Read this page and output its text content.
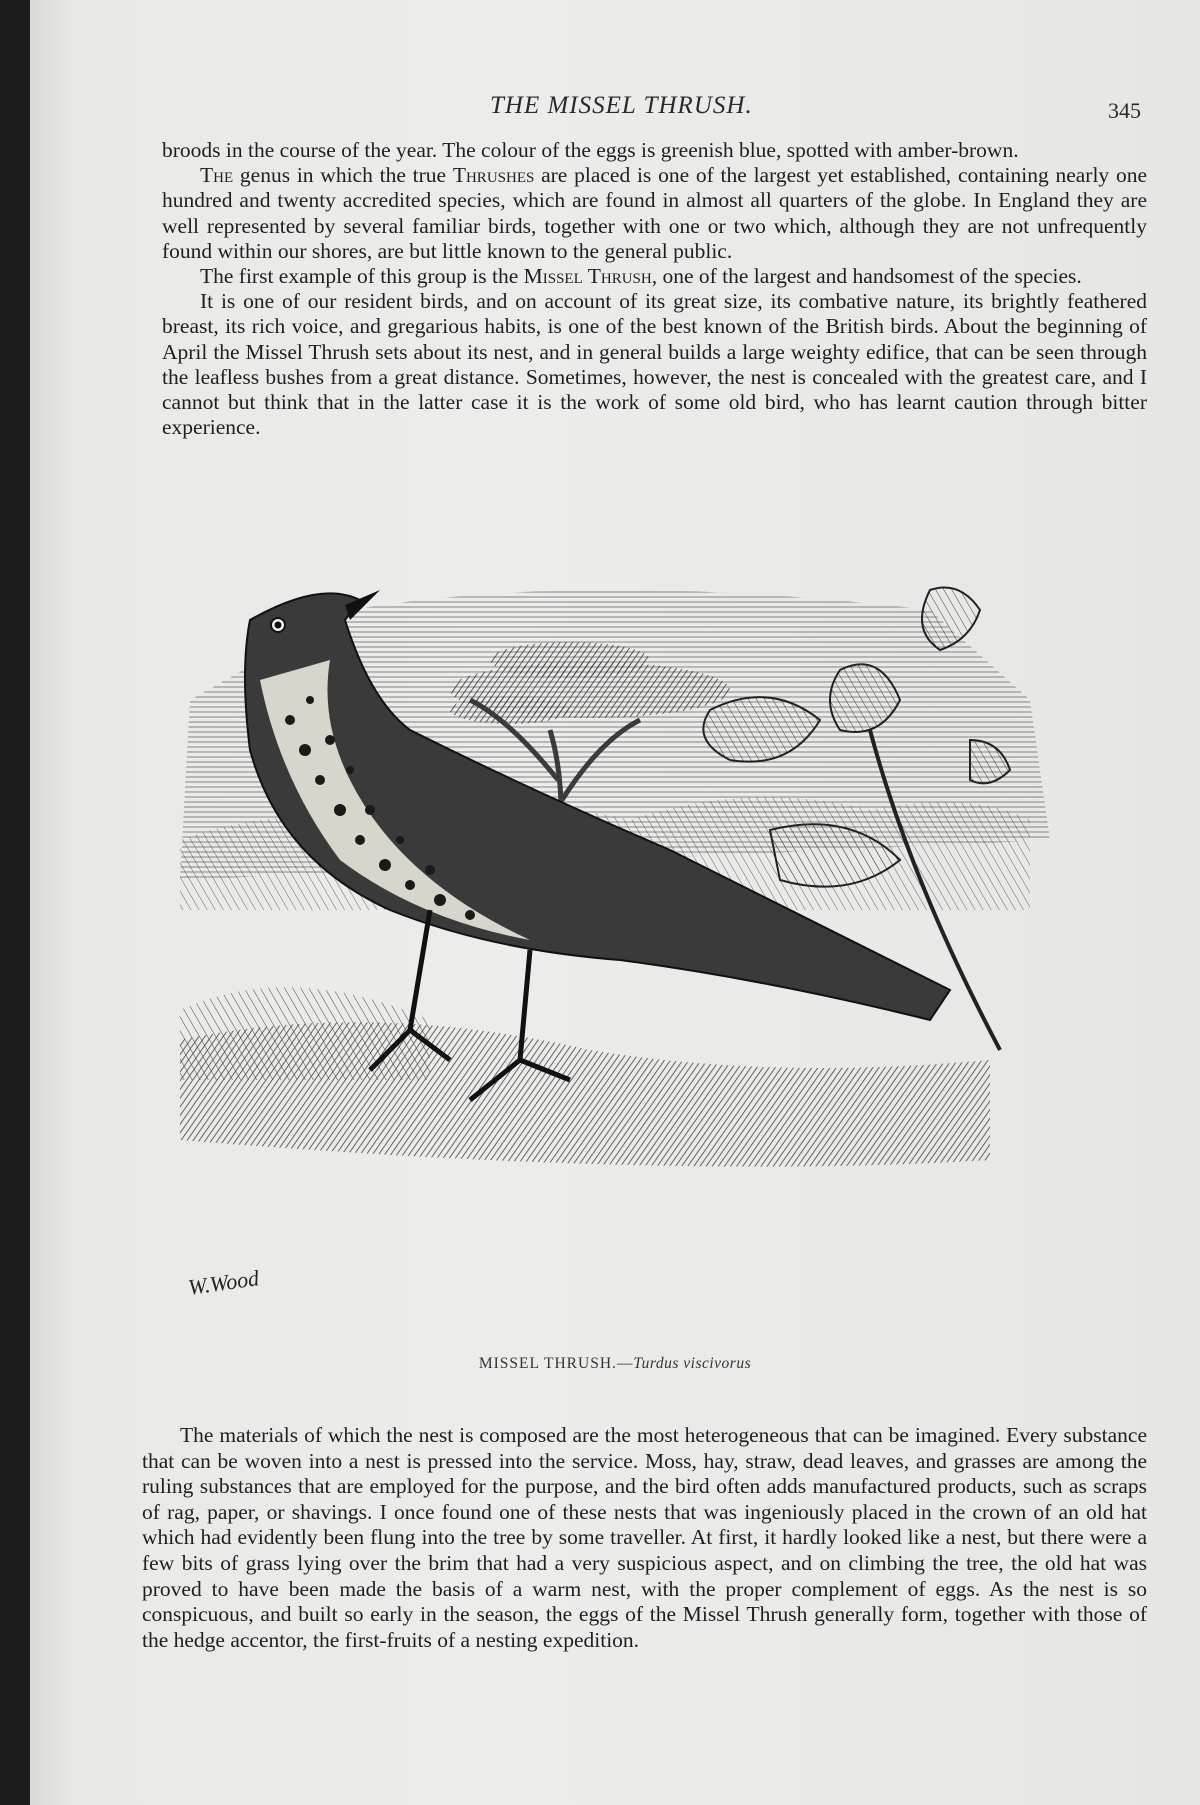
THE MISSEL THRUSH.	345

broods in the course of the year. The colour of the eggs is greenish blue, spotted with amber-brown.

The genus in which the true Thrushes are placed is one of the largest yet established, containing nearly one hundred and twenty accredited species, which are found in almost all quarters of the globe. In England they are well represented by several familiar birds, together with one or two which, although they are not unfrequently found within our shores, are but little known to the general public.

The first example of this group is the Missel Thrush, one of the largest and handsomest of the species.

It is one of our resident birds, and on account of its great size, its combative nature, its brightly feathered breast, its rich voice, and gregarious habits, is one of the best known of the British birds. About the beginning of April the Missel Thrush sets about its nest, and in general builds a large weighty edifice, that can be seen through the leafless bushes from a great distance. Sometimes, however, the nest is concealed with the greatest care, and I cannot but think that in the latter case it is the work of some old bird, who has learnt caution through bitter experience.

W.Wood
MISSEL THRUSH.—Turdus viscivorus

The materials of which the nest is composed are the most heterogeneous that can be imagined. Every substance that can be woven into a nest is pressed into the service. Moss, hay, straw, dead leaves, and grasses are among the ruling substances that are employed for the purpose, and the bird often adds manufactured products, such as scraps of rag, paper, or shavings. I once found one of these nests that was ingeniously placed in the crown of an old hat which had evidently been flung into the tree by some traveller. At first, it hardly looked like a nest, but there were a few bits of grass lying over the brim that had a very suspicious aspect, and on climbing the tree, the old hat was proved to have been made the basis of a warm nest, with the proper complement of eggs. As the nest is so conspicuous, and built so early in the season, the eggs of the Missel Thrush generally form, together with those of the hedge accentor, the first-fruits of a nesting expedition.
